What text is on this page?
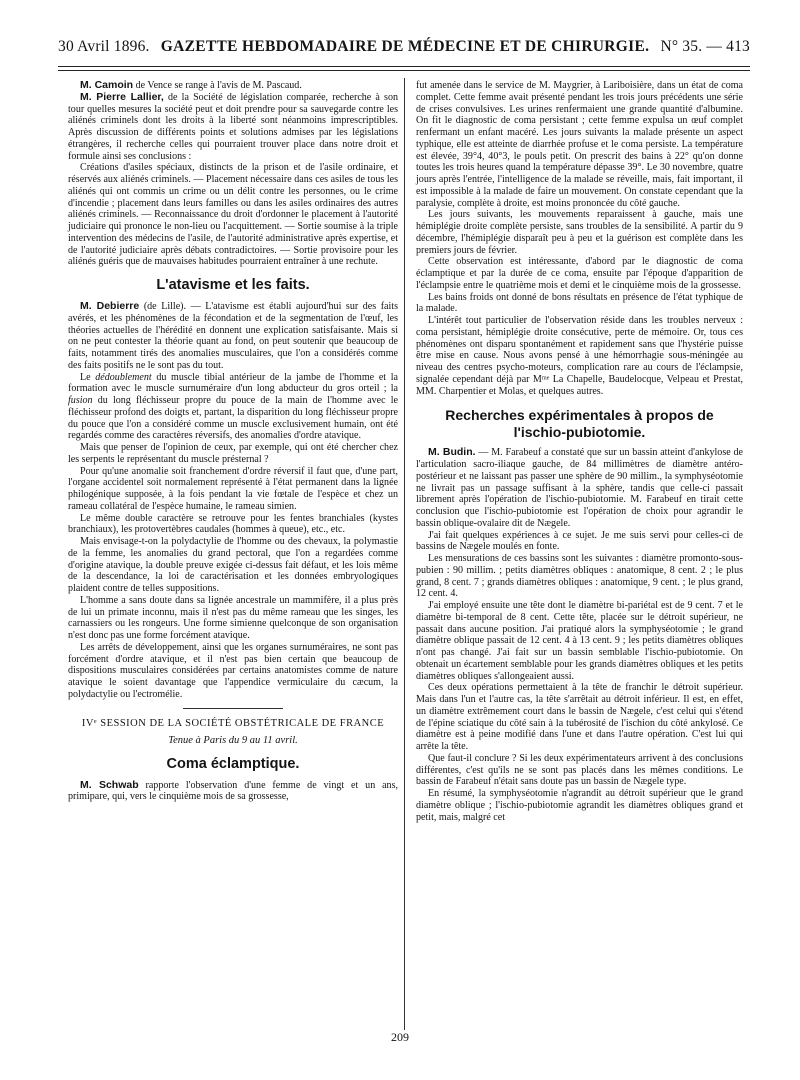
30 Avril 1896. GAZETTE HEBDOMADAIRE DE MÉDECINE ET DE CHIRURGIE. N° 35. — 413

M. Camoin de Vence se range à l'avis de M. Pascaud.

M. Pierre Lallier, de la Société de législation comparée, recherche à son tour quelles mesures la société peut et doit prendre pour sa sauvegarde contre les aliénés criminels dont les droits à la liberté sont néanmoins imprescriptibles. Après discussion de différents points et solutions admises par les législations étrangères, il recherche celles qui pourraient trouver place dans notre droit et formule ainsi ses conclusions :

Créations d'asiles spéciaux, distincts de la prison et de l'asile ordinaire, et réservés aux aliénés criminels. — Placement nécessaire dans ces asiles de tous les aliénés qui ont commis un crime ou un délit contre les personnes, ou le crime d'incendie ; placement dans leurs familles ou dans les asiles ordinaires des autres aliénés criminels. — Reconnaissance du droit d'ordonner le placement à l'autorité judiciaire qui prononce le non-lieu ou l'acquittement. — Sortie soumise à la triple intervention des médecins de l'asile, de l'autorité administrative après expertise, et de l'autorité judiciaire après débats contradictoires. — Sortie provisoire pour les aliénés guéris que de mauvaises habitudes pourraient entraîner à une rechute.

L'atavisme et les faits.

M. Debierre (de Lille). — L'atavisme est établi aujourd'hui sur des faits avérés, et les phénomènes de la fécondation et de la segmentation de l'œuf, les théories actuelles de l'hérédité en donnent une explication satisfaisante. Mais si on ne peut contester la théorie quant au fond, on peut soutenir que beaucoup de faits, notamment tirés des anomalies musculaires, que l'on a considérés comme des faits positifs ne le sont pas du tout.

Le dédoublement du muscle tibial antérieur de la jambe de l'homme et la formation avec le muscle surnuméraire d'un long abducteur du gros orteil ; la fusion du long fléchisseur propre du pouce de la main de l'homme avec le fléchisseur profond des doigts et, partant, la disparition du long fléchisseur propre du pouce que l'on a considéré comme un muscle exclusivement humain, ont été regardés comme des caractères réversifs, des anomalies d'ordre atavique.

Mais que penser de l'opinion de ceux, par exemple, qui ont été chercher chez les serpents le représentant du muscle présternal ?

Pour qu'une anomalie soit franchement d'ordre réversif il faut que, d'une part, l'organe accidentel soit normalement représenté à l'état permanent dans la lignée philogénique supposée, à la fois pendant la vie fœtale de l'espèce et chez un rameau collatéral de l'espèce humaine, le rameau simien.

Le même double caractère se retrouve pour les fentes branchiales (kystes branchiaux), les protovertèbres caudales (hommes à queue), etc., etc.

Mais envisage-t-on la polydactylie de l'homme ou des chevaux, la polymastie de la femme, les anomalies du grand pectoral, que l'on a regardées comme d'origine atavique, la double preuve exigée ci-dessus fait défaut, et les lois même de la descendance, la loi de caractérisation et les données embryologiques plaident contre de telles suppositions.

L'homme a sans doute dans sa lignée ancestrale un mammifère, il a plus près de lui un primate inconnu, mais il n'est pas du même rameau que les singes, les carnassiers ou les rongeurs. Une forme simienne quelconque de son organisation n'est donc pas une forme forcément atavique.

Les arrêts de développement, ainsi que les organes surnuméraires, ne sont pas forcément d'ordre atavique, et il n'est pas bien certain que beaucoup de dispositions musculaires considérées par certains anatomistes comme de nature atavique le soient davantage que l'appendice vermiculaire du cæcum, la polydactylie ou l'ectromélie.

IVᵉ SESSION DE LA SOCIÉTÉ OBSTÉTRICALE DE FRANCE
Tenue à Paris du 9 au 11 avril.
Coma éclamptique.

M. Schwab rapporte l'observation d'une femme de vingt et un ans, primipare, qui, vers le cinquième mois de sa grossesse,

fut amenée dans le service de M. Maygrier, à Lariboisière, dans un état de coma complet. Cette femme avait présenté pendant les trois jours précédents une série de crises convulsives. Les urines renfermaient une grande quantité d'albumine. On fit le diagnostic de coma persistant ; cette femme expulsa un œuf complet renfermant un enfant macéré. Les jours suivants la malade présente un aspect typhique, elle est atteinte de diarrhée profuse et le coma persiste. La température est élevée, 39°4, 40°3, le pouls petit. On prescrit des bains à 22° qu'on donne toutes les trois heures quand la température dépasse 39°. Le 30 novembre, quatre jours après l'entrée, l'intelligence de la malade se réveille, mais, fait important, il est impossible à la malade de faire un mouvement. On constate cependant que la paralysie, complète à droite, est moins prononcée du côté gauche.

Les jours suivants, les mouvements reparaissent à gauche, mais une hémiplégie droite complète persiste, sans troubles de la sensibilité. A partir du 9 décembre, l'hémiplégie disparaît peu à peu et la guérison est complète dans les premiers jours de février.

Cette observation est intéressante, d'abord par le diagnostic de coma éclamptique et par la durée de ce coma, ensuite par l'époque d'apparition de l'éclampsie entre le quatrième mois et demi et le cinquième mois de la grossesse.

Les bains froids ont donné de bons résultats en présence de l'état typhique de la malade.

L'intérêt tout particulier de l'observation réside dans les troubles nerveux : coma persistant, hémiplégie droite consécutive, perte de mémoire. Or, tous ces phénomènes ont disparu spontanément et rapidement sans que l'hystérie puisse être mise en cause. Nous avons pensé à une hémorrhagie sous-méningée au niveau des centres psycho-moteurs, complication rare au cours de l'éclampsie, signalée cependant déjà par Mᵐᵉ La Chapelle, Baudelocque, Velpeau et Prestat, MM. Charpentier et Molas, et quelques autres.

Recherches expérimentales à propos de
l'ischio-pubiotomie.

M. Budin. — M. Farabeuf a constaté que sur un bassin atteint d'ankylose de l'articulation sacro-iliaque gauche, de 84 millimètres de diamètre antéro-postérieur et ne laissant pas passer une sphère de 90 millim., la symphyséotomie ne livrait pas un passage suffisant à la sphère, tandis que celle-ci passait librement après l'opération de l'ischio-pubiotomie. M. Farabeuf en tirait cette conclusion que l'ischio-pubiotomie est l'opération de choix pour agrandir le bassin oblique-ovalaire dit de Nægele.

J'ai fait quelques expériences à ce sujet. Je me suis servi pour celles-ci de bassins de Nægele moulés en fonte.

Les mensurations de ces bassins sont les suivantes : diamètre promonto-sous-pubien : 90 millim. ; petits diamètres obliques : anatomique, 8 cent. 2 ; le plus grand, 8 cent. 7 ; grands diamètres obliques : anatomique, 9 cent. ; le plus grand, 12 cent. 4.

J'ai employé ensuite une tête dont le diamètre bi-pariétal est de 9 cent. 7 et le diamètre bi-temporal de 8 cent. Cette tête, placée sur le détroit supérieur, ne passait dans aucune position. J'ai pratiqué alors la symphyséotomie ; le grand diamètre oblique passait de 12 cent. 4 à 13 cent. 9 ; les petits diamètres obliques n'ont pas changé. J'ai fait sur un bassin semblable l'ischio-pubiotomie. On obtenait un écartement semblable pour les grands diamètres obliques et les petits diamètres obliques s'allongeaient aussi.

Ces deux opérations permettaient à la tête de franchir le détroit supérieur. Mais dans l'un et l'autre cas, la tête s'arrêtait au détroit inférieur. Il est, en effet, un diamètre extrêmement court dans le bassin de Nægele, c'est celui qui s'étend de l'épine sciatique du côté sain à la tubérosité de l'ischion du côté ankylosé. Ce diamètre est à peine modifié dans l'une et dans l'autre opération. C'est lui qui arrête la tête.

Que faut-il conclure ? Si les deux expérimentateurs arrivent à des conclusions différentes, c'est qu'ils ne se sont pas placés dans les mêmes conditions. Le bassin de Farabeuf n'était sans doute pas un bassin de Nægele type.

En résumé, la symphyséotomie n'agrandit au détroit supérieur que le grand diamètre oblique ; l'ischio-pubiotomie agrandit les diamètres obliques grand et petit, mais, malgré cet

209
